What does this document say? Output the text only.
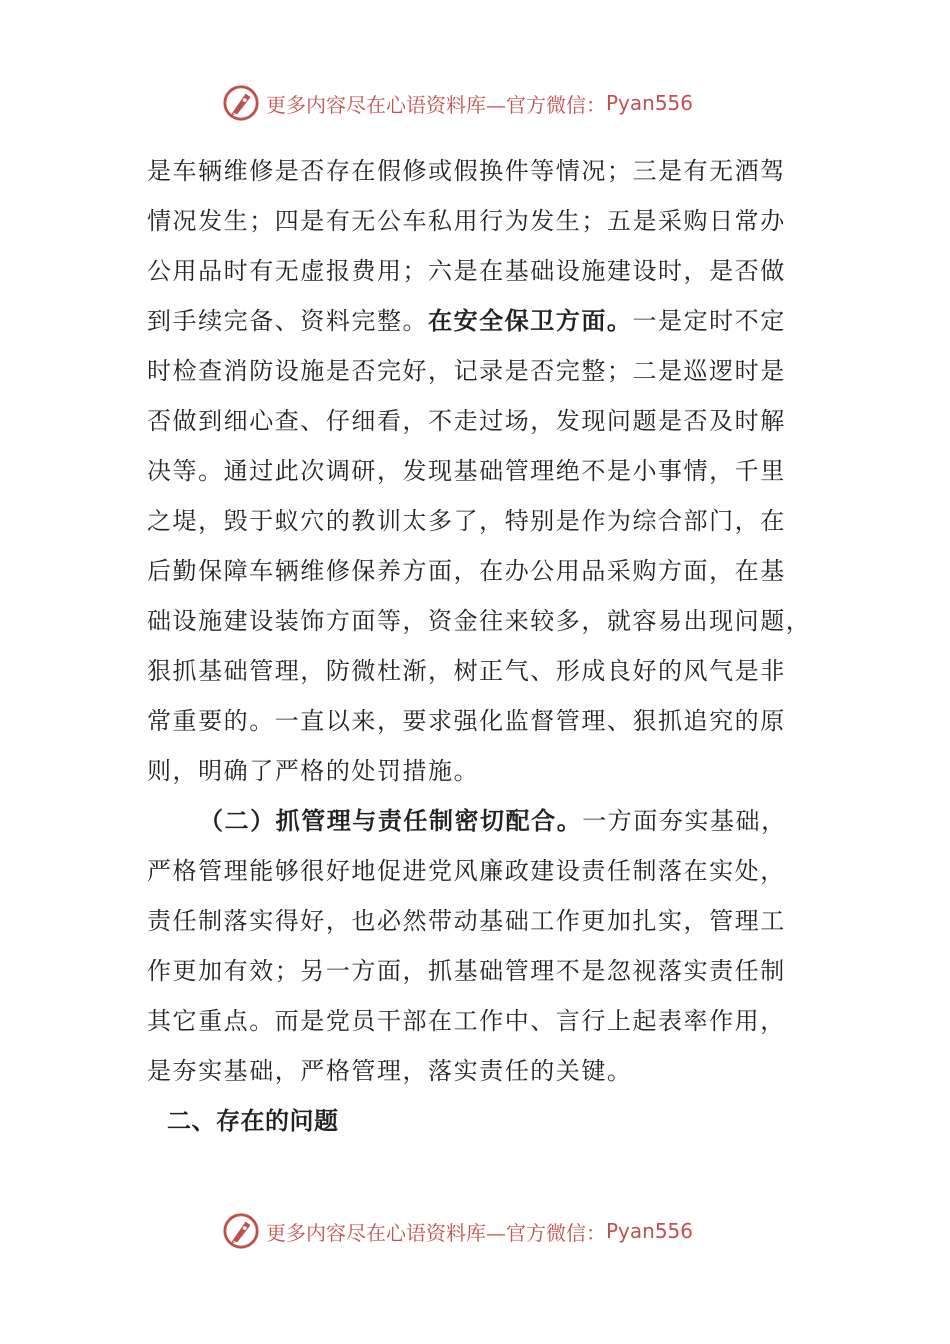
更多内容尽在心语资料库—官方微信： Pyan556
是车辆维修是否存在假修或假换件等情况；三是有无酒驾
情况发生；四是有无公车私用行为发生；五是采购日常办
公用品时有无虚报费用；六是在基础设施建设时，是否做
到手续完备、资料完整。在安全保卫方面。一是定时不定
时检查消防设施是否完好，记录是否完整；二是巡逻时是
否做到细心查、仔细看，不走过场，发现问题是否及时解
决等。通过此次调研，发现基础管理绝不是小事情，千里
之堤，毁于蚁穴的教训太多了，特别是作为综合部门，在
后勤保障车辆维修保养方面，在办公用品采购方面，在基
础设施建设装饰方面等，资金往来较多，就容易出现问题，
狠抓基础管理，防微杜渐，树正气、形成良好的风气是非
常重要的。一直以来，要求强化监督管理、狠抓追究的原
则，明确了严格的处罚措施。
（二）抓管理与责任制密切配合。一方面夯实基础，
严格管理能够很好地促进党风廉政建设责任制落在实处，
责任制落实得好，也必然带动基础工作更加扎实，管理工
作更加有效；另一方面，抓基础管理不是忽视落实责任制
其它重点。而是党员干部在工作中、言行上起表率作用，
是夯实基础，严格管理，落实责任的关键。
二、存在的问题
更多内容尽在心语资料库—官方微信： Pyan556
